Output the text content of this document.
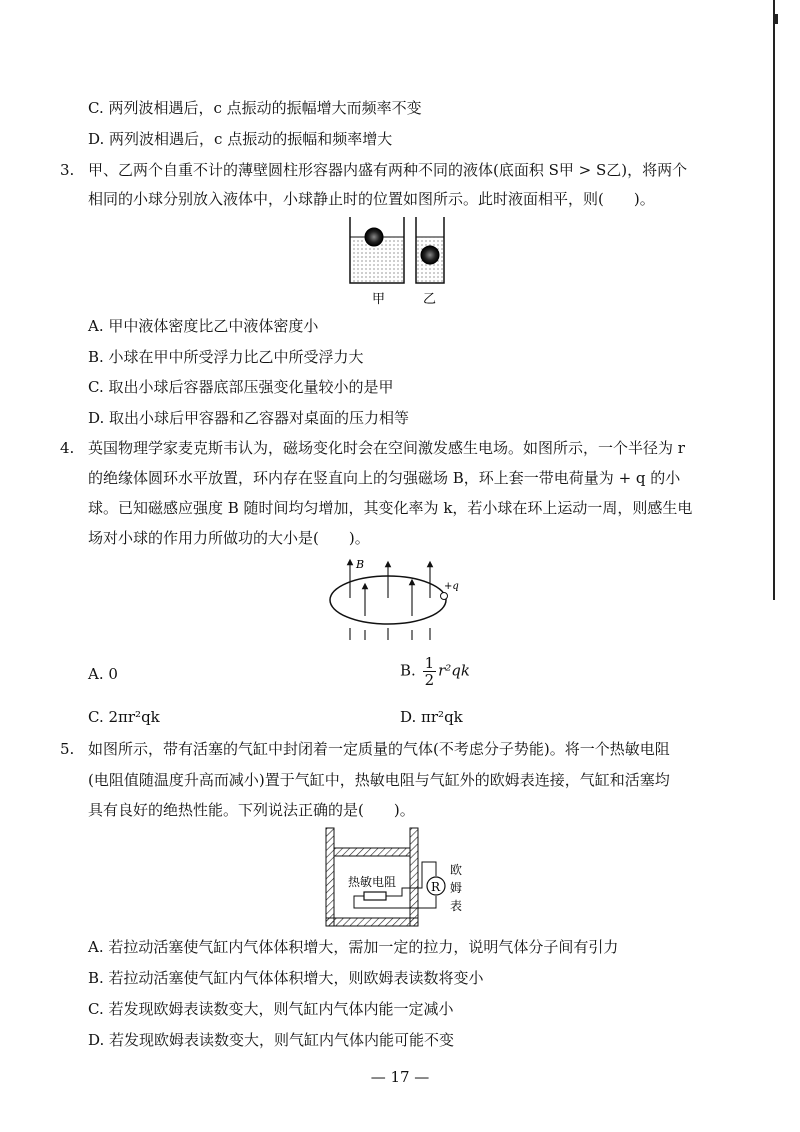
C. 两列波相遇后，c 点振动的振幅增大而频率不变
D. 两列波相遇后，c 点振动的振幅和频率增大
3. 甲、乙两个自重不计的薄壁圆柱形容器内盛有两种不同的液体(底面积 S甲 > S乙)，将两个
相同的小球分别放入液体中，小球静止时的位置如图所示。此时液面相平，则(　　)。
甲	乙
A. 甲中液体密度比乙中液体密度小
B. 小球在甲中所受浮力比乙中所受浮力大
C. 取出小球后容器底部压强变化量较小的是甲
D. 取出小球后甲容器和乙容器对桌面的压力相等
4. 英国物理学家麦克斯韦认为，磁场变化时会在空间激发感生电场。如图所示，一个半径为 r
的绝缘体圆环水平放置，环内存在竖直向上的匀强磁场 B，环上套一带电荷量为 + q 的小
球。已知磁感应强度 B 随时间均匀增加，其变化率为 k，若小球在环上运动一周，则感生电
场对小球的作用力所做功的大小是(　　)。
B
+q
A. 0	B. $\frac{1}{2} r^2qk$
C. 2πr²qk	D. πr²qk
5. 如图所示，带有活塞的气缸中封闭着一定质量的气体(不考虑分子势能)。将一个热敏电阻
(电阻值随温度升高而减小)置于气缸中，热敏电阻与气缸外的欧姆表连接，气缸和活塞均
具有良好的绝热性能。下列说法正确的是(　　)。
热敏电阻	R
欧
姆
表
A. 若拉动活塞使气缸内气体体积增大，需加一定的拉力，说明气体分子间有引力
B. 若拉动活塞使气缸内气体体积增大，则欧姆表读数将变小
C. 若发现欧姆表读数变大，则气缸内气体内能一定减小
D. 若发现欧姆表读数变大，则气缸内气体内能可能不变
— 17 —
